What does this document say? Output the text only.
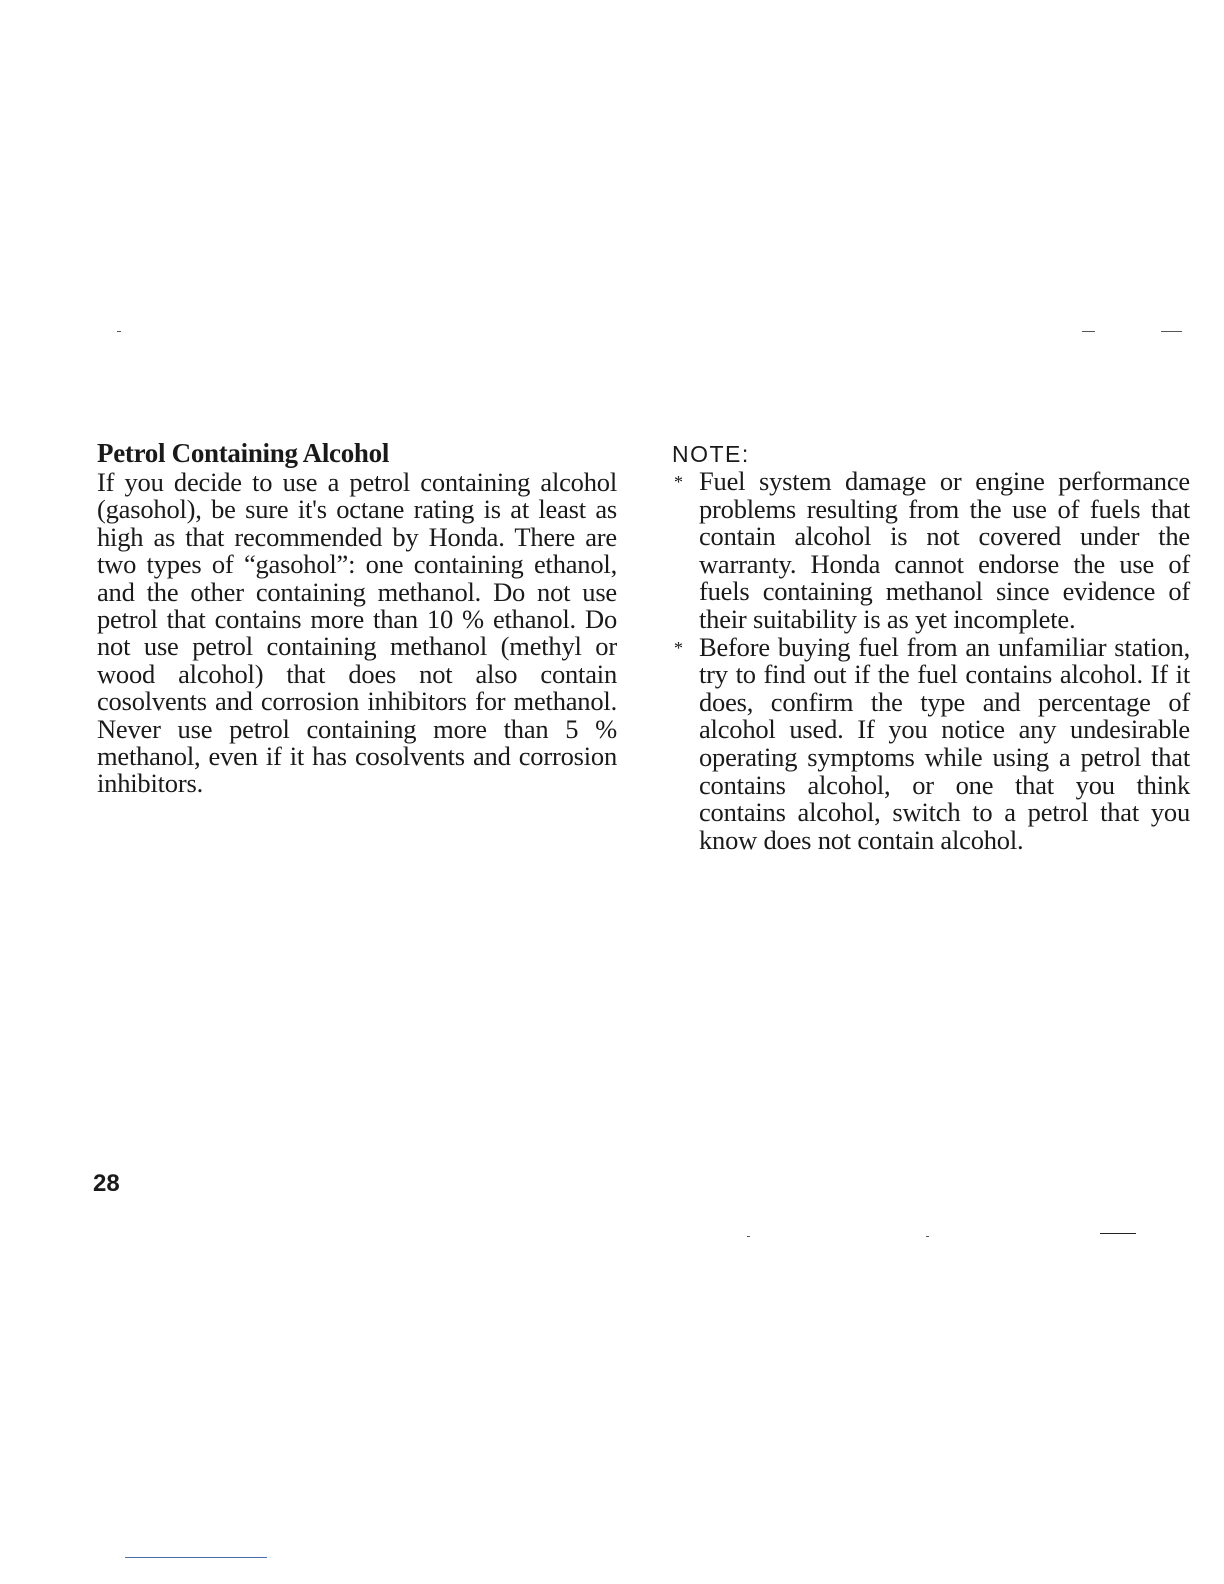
Petrol Containing Alcohol

If you decide to use a petrol containing alcohol (gasohol), be sure it's octane rating is at least as high as that recommended by Honda. There are two types of “gasohol”: one containing ethanol, and the other containing methanol. Do not use petrol that contains more than 10 % ethanol. Do not use petrol containing methanol (methyl or wood alcohol) that does not also contain cosolvents and corrosion inhibitors for methanol. Never use petrol containing more than 5 % methanol, even if it has cosolvents and corrosion inhibitors.

NOTE:
* Fuel system damage or engine performance problems resulting from the use of fuels that contain alcohol is not covered under the warranty. Honda cannot endorse the use of fuels containing methanol since evidence of their suitability is as yet incomplete.
* Before buying fuel from an unfamiliar station, try to find out if the fuel contains alcohol. If it does, confirm the type and percentage of alcohol used. If you notice any undesirable operating symptoms while using a petrol that contains alcohol, or one that you think contains alcohol, switch to a petrol that you know does not contain alcohol.
28
